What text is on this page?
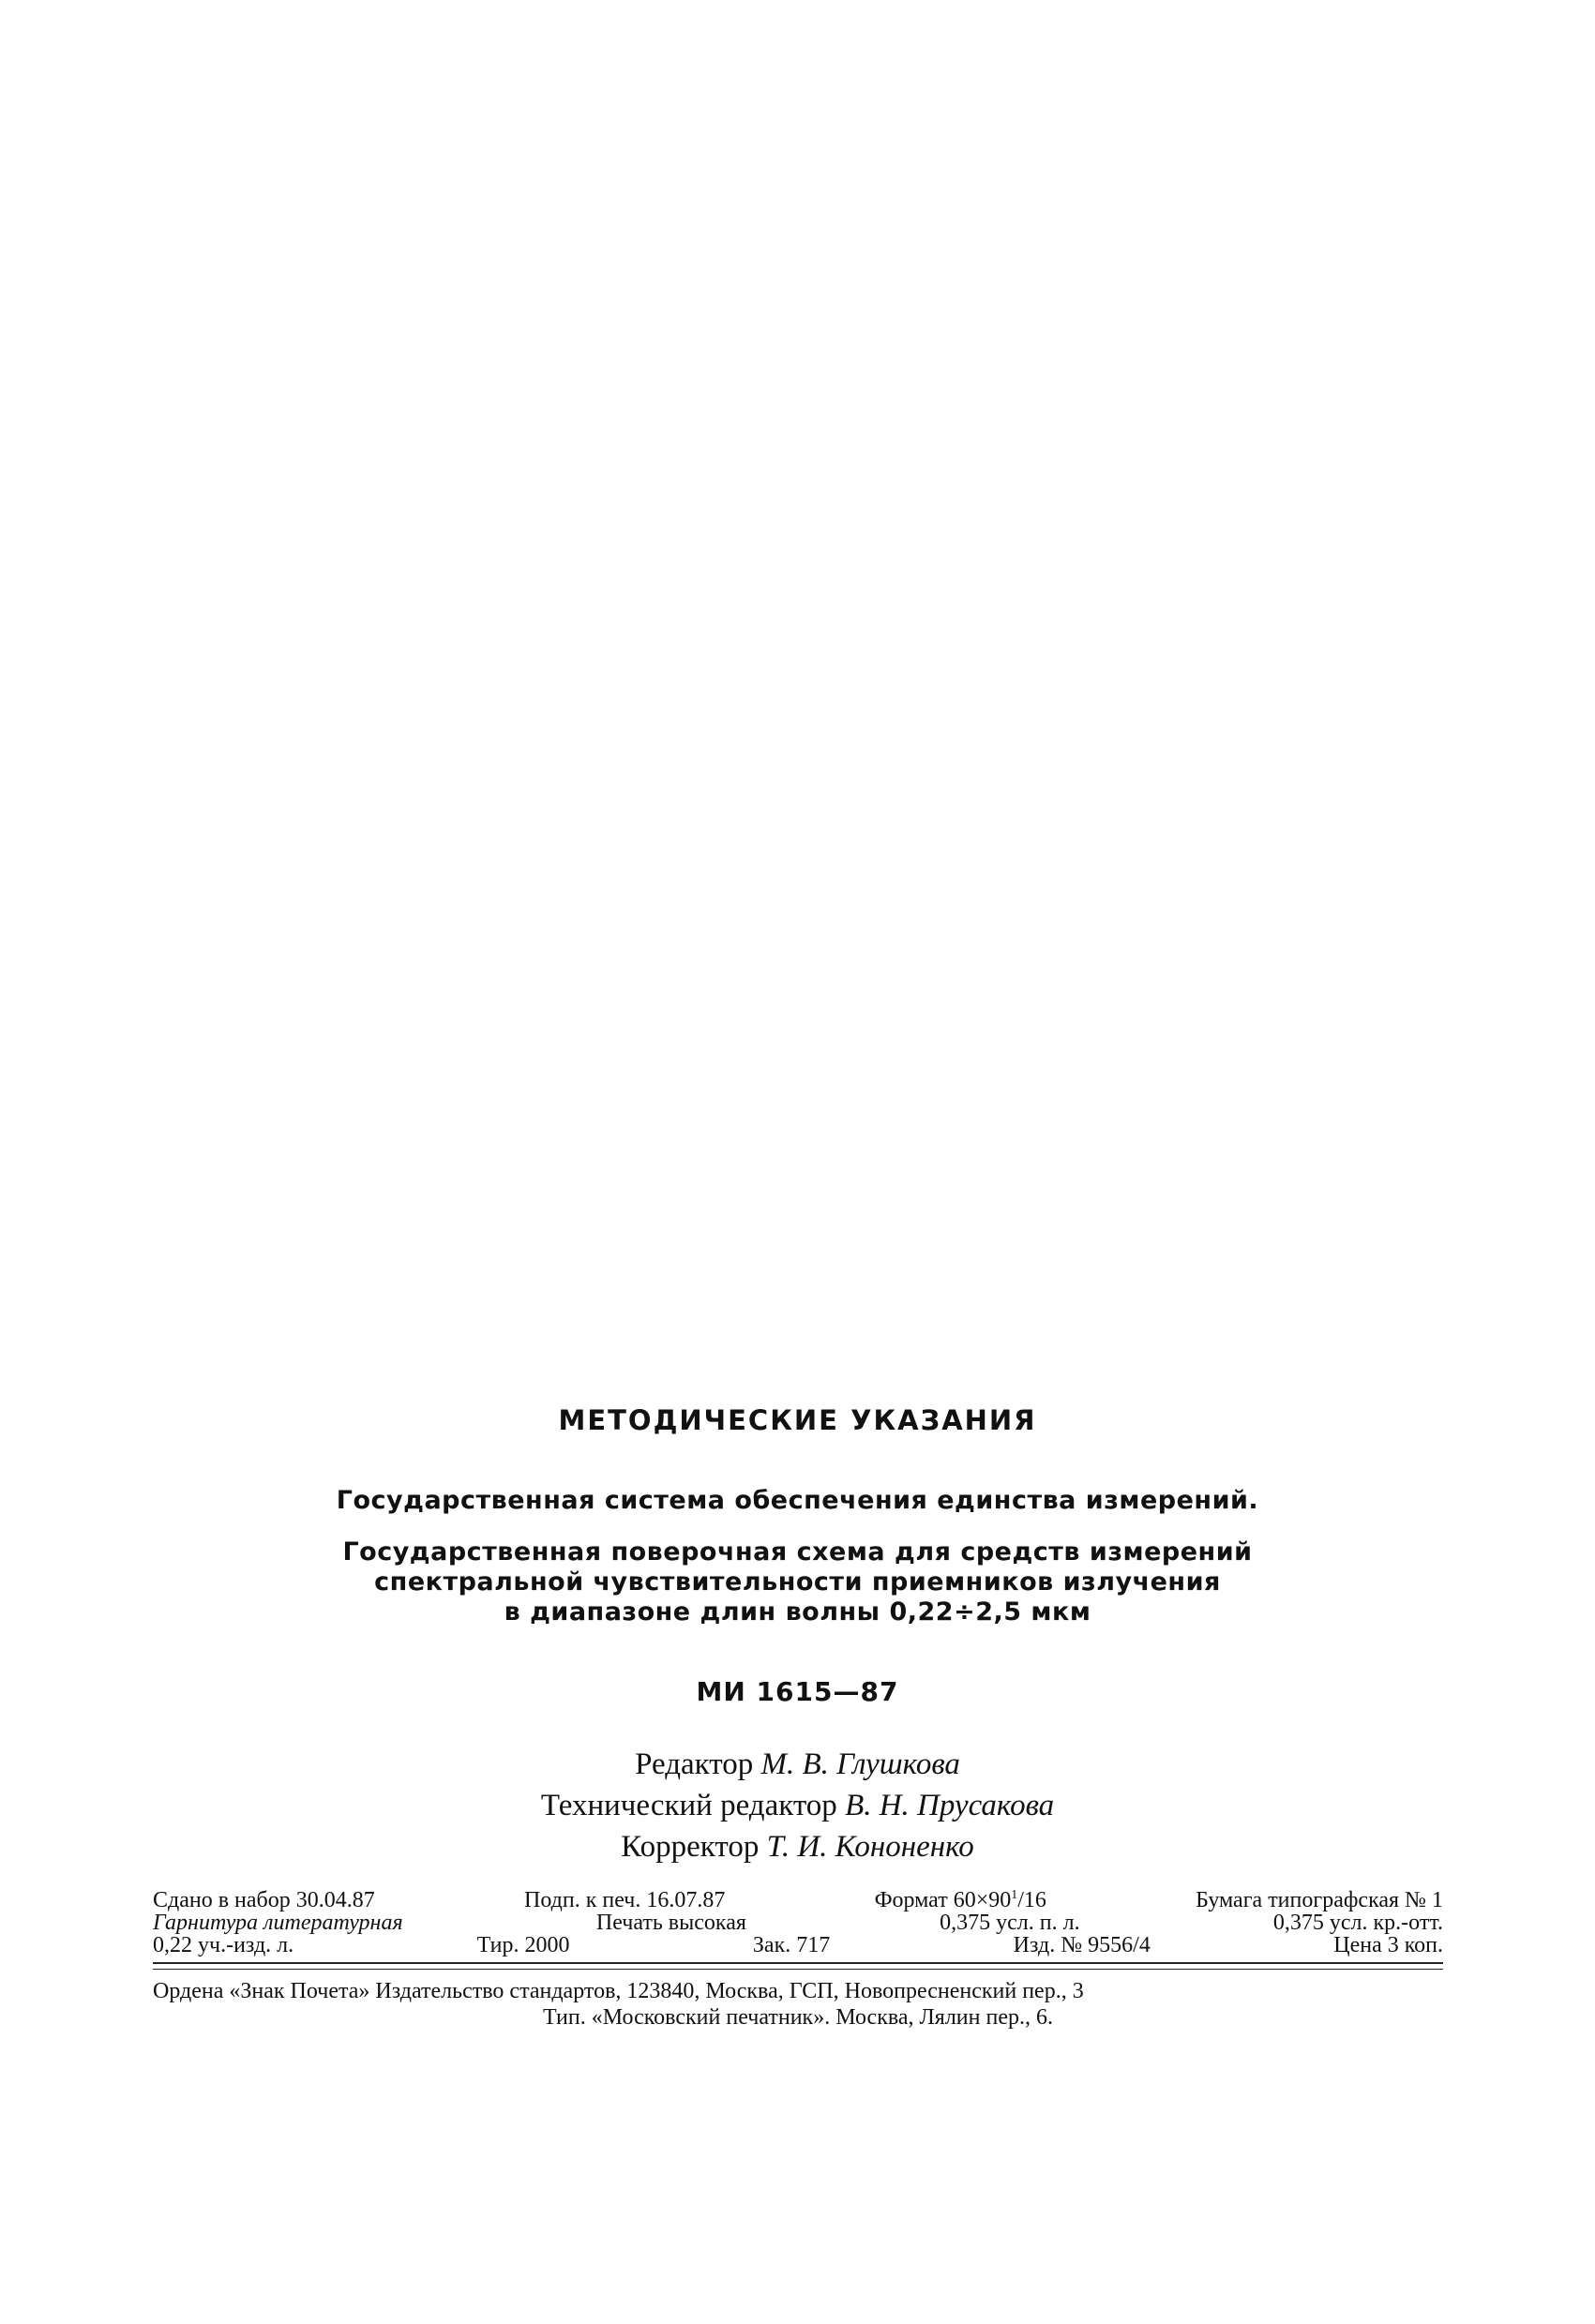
МЕТОДИЧЕСКИЕ УКАЗАНИЯ
Государственная система обеспечения единства измерений.
Государственная поверочная схема для средств измерений
спектральной чувствительности приемников излучения
в диапазоне длин волны 0,22÷2,5 мкм
МИ 1615—87
Редактор М. В. Глушкова
Технический редактор В. Н. Прусакова
Корректор Т. И. Кононенко
Сдано в набор 30.04.87	Подп. к печ. 16.07.87	Формат $60\times 90^1/16$	Бумага типографская № 1
Гарнитура литературная	Печать высокая	0,375 усл. п. л.	0,375 усл. кр.-отт.
0,22 уч.-изд. л.	Тир. 2000	Зак. 717	Изд. № 9556/4	Цена 3 коп.
Ордена «Знак Почета» Издательство стандартов, 123840, Москва, ГСП, Новопресненский пер., 3
Тип. «Московский печатник». Москва, Лялин пер., 6.
